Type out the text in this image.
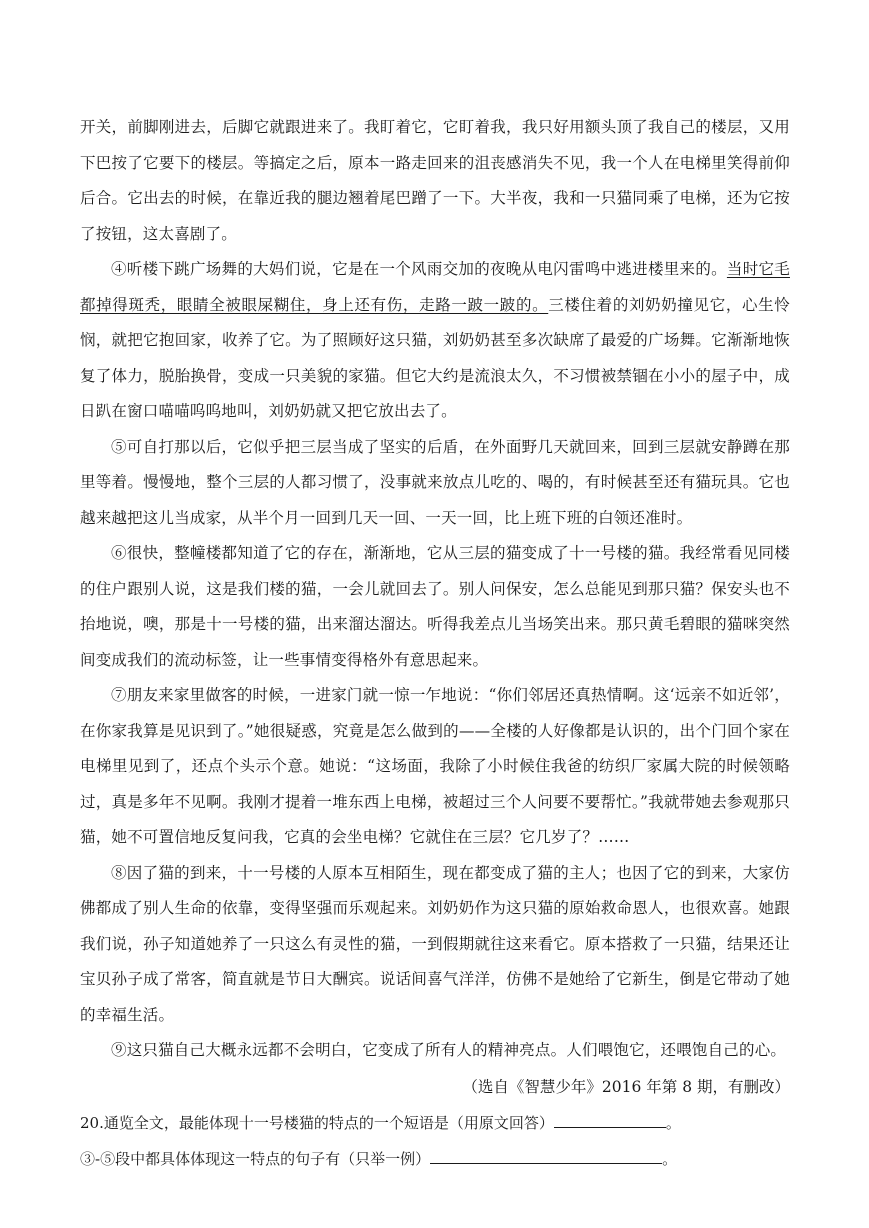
开关，前脚刚进去，后脚它就跟进来了。我盯着它，它盯着我，我只好用额头顶了我自己的楼层，又用下巴按了它要下的楼层。等搞定之后，原本一路走回来的沮丧感消失不见，我一个人在电梯里笑得前仰后合。它出去的时候，在靠近我的腿边翘着尾巴蹭了一下。大半夜，我和一只猫同乘了电梯，还为它按了按钮，这太喜剧了。

④听楼下跳广场舞的大妈们说，它是在一个风雨交加的夜晚从电闪雷鸣中逃进楼里来的。当时它毛都掉得斑秃，眼睛全被眼屎糊住，身上还有伤，走路一跛一跛的。三楼住着的刘奶奶撞见它，心生怜悯，就把它抱回家，收养了它。为了照顾好这只猫，刘奶奶甚至多次缺席了最爱的广场舞。它渐渐地恢复了体力，脱胎换骨，变成一只美貌的家猫。但它大约是流浪太久，不习惯被禁锢在小小的屋子中，成日趴在窗口喵喵呜呜地叫，刘奶奶就又把它放出去了。

⑤可自打那以后，它似乎把三层当成了坚实的后盾，在外面野几天就回来，回到三层就安静蹲在那里等着。慢慢地，整个三层的人都习惯了，没事就来放点儿吃的、喝的，有时候甚至还有猫玩具。它也越来越把这儿当成家，从半个月一回到几天一回、一天一回，比上班下班的白领还准时。

⑥很快，整幢楼都知道了它的存在，渐渐地，它从三层的猫变成了十一号楼的猫。我经常看见同楼的住户跟别人说，这是我们楼的猫，一会儿就回去了。别人问保安，怎么总能见到那只猫？保安头也不抬地说，噢，那是十一号楼的猫，出来溜达溜达。听得我差点儿当场笑出来。那只黄毛碧眼的猫咪突然间变成我们的流动标签，让一些事情变得格外有意思起来。

⑦朋友来家里做客的时候，一进家门就一惊一乍地说：“你们邻居还真热情啊。这‘远亲不如近邻’，在你家我算是见识到了。”她很疑惑，究竟是怎么做到的——全楼的人好像都是认识的，出个门回个家在电梯里见到了，还点个头示个意。她说：“这场面，我除了小时候住我爸的纺织厂家属大院的时候领略过，真是多年不见啊。我刚才提着一堆东西上电梯，被超过三个人问要不要帮忙。”我就带她去参观那只猫，她不可置信地反复问我，它真的会坐电梯？它就住在三层？它几岁了？……

⑧因了猫的到来，十一号楼的人原本互相陌生，现在都变成了猫的主人；也因了它的到来，大家仿佛都成了别人生命的依靠，变得坚强而乐观起来。刘奶奶作为这只猫的原始救命恩人，也很欢喜。她跟我们说，孙子知道她养了一只这么有灵性的猫，一到假期就往这来看它。原本搭救了一只猫，结果还让宝贝孙子成了常客，简直就是节日大酬宾。说话间喜气洋洋，仿佛不是她给了它新生，倒是它带动了她的幸福生活。

⑨这只猫自己大概永远都不会明白，它变成了所有人的精神亮点。人们喂饱它，还喂饱自己的心。

（选自《智慧少年》2016 年第 8 期，有删改）

20.通览全文，最能体现十一号楼猫的特点的一个短语是（用原文回答）	。

③-⑤段中都具体体现这一特点的句子有（只举一例）	。
